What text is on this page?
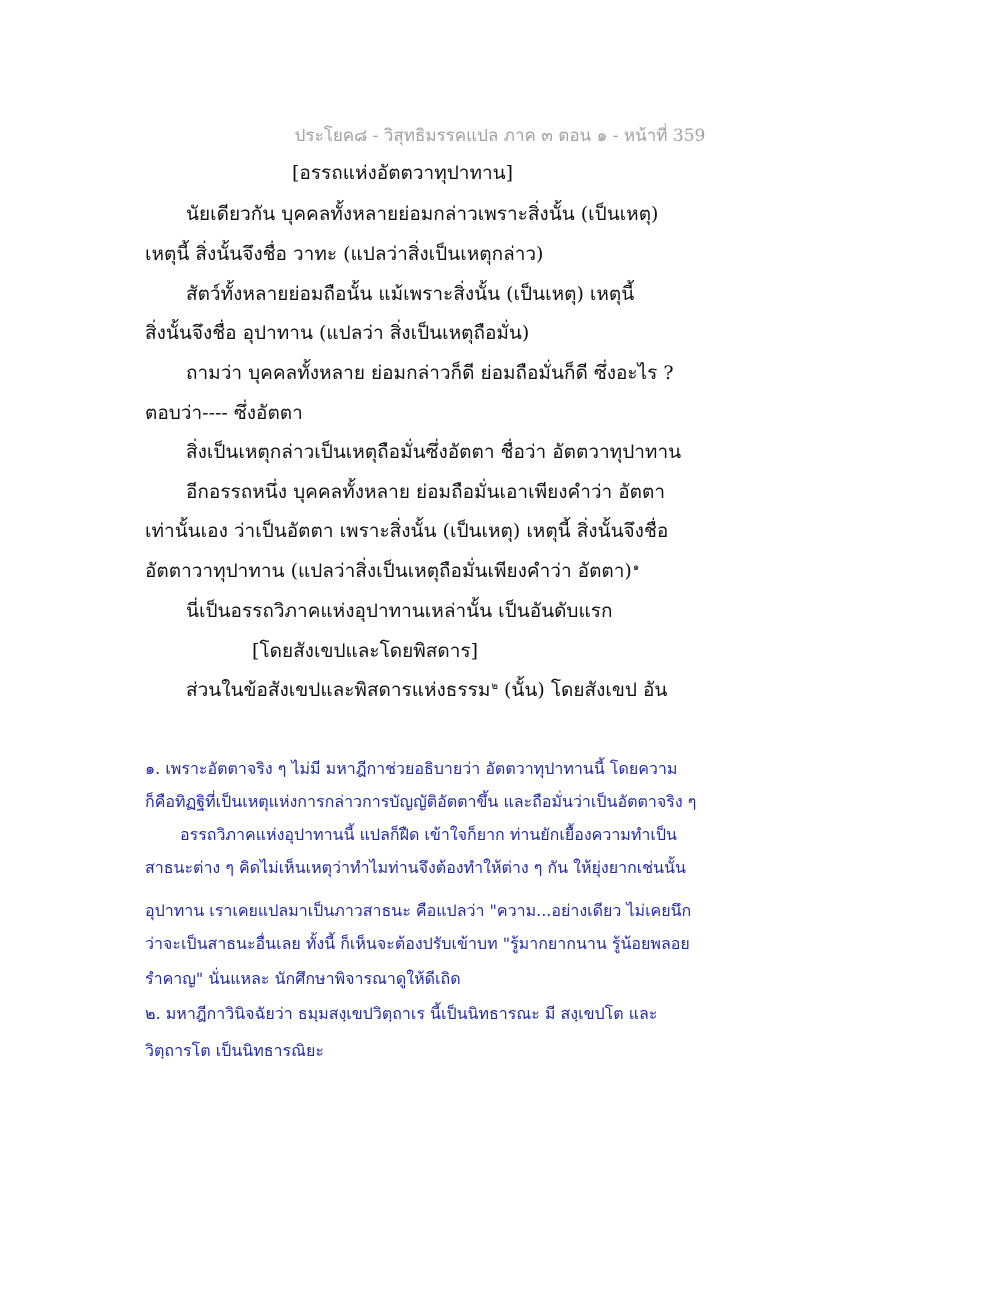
ประโยค๘ - วิสุทธิมรรคแปล ภาค ๓ ตอน ๑ - หน้าที่ 359
[อรรถแห่งอัตตวาทุปาทาน]
นัยเดียวกัน บุคคลทั้งหลายย่อมกล่าวเพราะสิ่งนั้น (เป็นเหตุ)
เหตุนี้ สิ่งนั้นจึงชื่อ วาทะ (แปลว่าสิ่งเป็นเหตุกล่าว)
สัตว์ทั้งหลายย่อมถือนั้น แม้เพราะสิ่งนั้น (เป็นเหตุ) เหตุนี้
สิ่งนั้นจึงชื่อ อุปาทาน (แปลว่า สิ่งเป็นเหตุถือมั่น)
ถามว่า บุคคลทั้งหลาย ย่อมกล่าวก็ดี ย่อมถือมั่นก็ดี ซึ่งอะไร ?
ตอบว่า---- ซึ่งอัตตา
สิ่งเป็นเหตุกล่าวเป็นเหตุถือมั่นซึ่งอัตตา ชื่อว่า อัตตวาทุปาทาน
อีกอรรถหนึ่ง บุคคลทั้งหลาย ย่อมถือมั่นเอาเพียงคำว่า อัตตา
เท่านั้นเอง ว่าเป็นอัตตา เพราะสิ่งนั้น (เป็นเหตุ) เหตุนี้ สิ่งนั้นจึงชื่อ
อัตตาวาทุปาทาน (แปลว่าสิ่งเป็นเหตุถือมั่นเพียงคำว่า อัตตา)$^๑$
นี่เป็นอรรถวิภาคแห่งอุปาทานเหล่านั้น เป็นอันดับแรก
[โดยสังเขปและโดยพิสดาร]
ส่วนในข้อสังเขปและพิสดารแห่งธรรม$^๒$ (นั้น) โดยสังเขป อัน
๑. เพราะอัตตาจริง ๆ ไม่มี มหาฎีกาช่วยอธิบายว่า อัตตวาทุปาทานนี้ โดยความ
ก็คือทิฏฐิที่เป็นเหตุแห่งการกล่าวการบัญญัติอัตตาขึ้น และถือมั่นว่าเป็นอัตตาจริง ๆ
อรรถวิภาคแห่งอุปาทานนี้ แปลก็ฝืด เข้าใจก็ยาก ท่านยักเยื้องความทำเป็น
สาธนะต่าง ๆ คิดไม่เห็นเหตุว่าทำไมท่านจึงต้องทำให้ต่าง ๆ กัน ให้ยุ่งยากเช่นนั้น
อุปาทาน เราเคยแปลมาเป็นภาวสาธนะ คือแปลว่า "ความ...อย่างเดียว ไม่เคยนึก
ว่าจะเป็นสาธนะอื่นเลย ทั้งนี้ ก็เห็นจะต้องปรับเข้าบท "รู้มากยากนาน รู้น้อยพลอย
รำคาญ" นั่นแหละ นักศึกษาพิจารณาดูให้ดีเถิด
๒. มหาฎีกาวินิจฉัยว่า ธมฺมสงฺเขปวิตฺถาเร นี้เป็นนิทธารณะ มี สงฺเขปโต และ
วิตฺถารโต เป็นนิทธารณิยะ
